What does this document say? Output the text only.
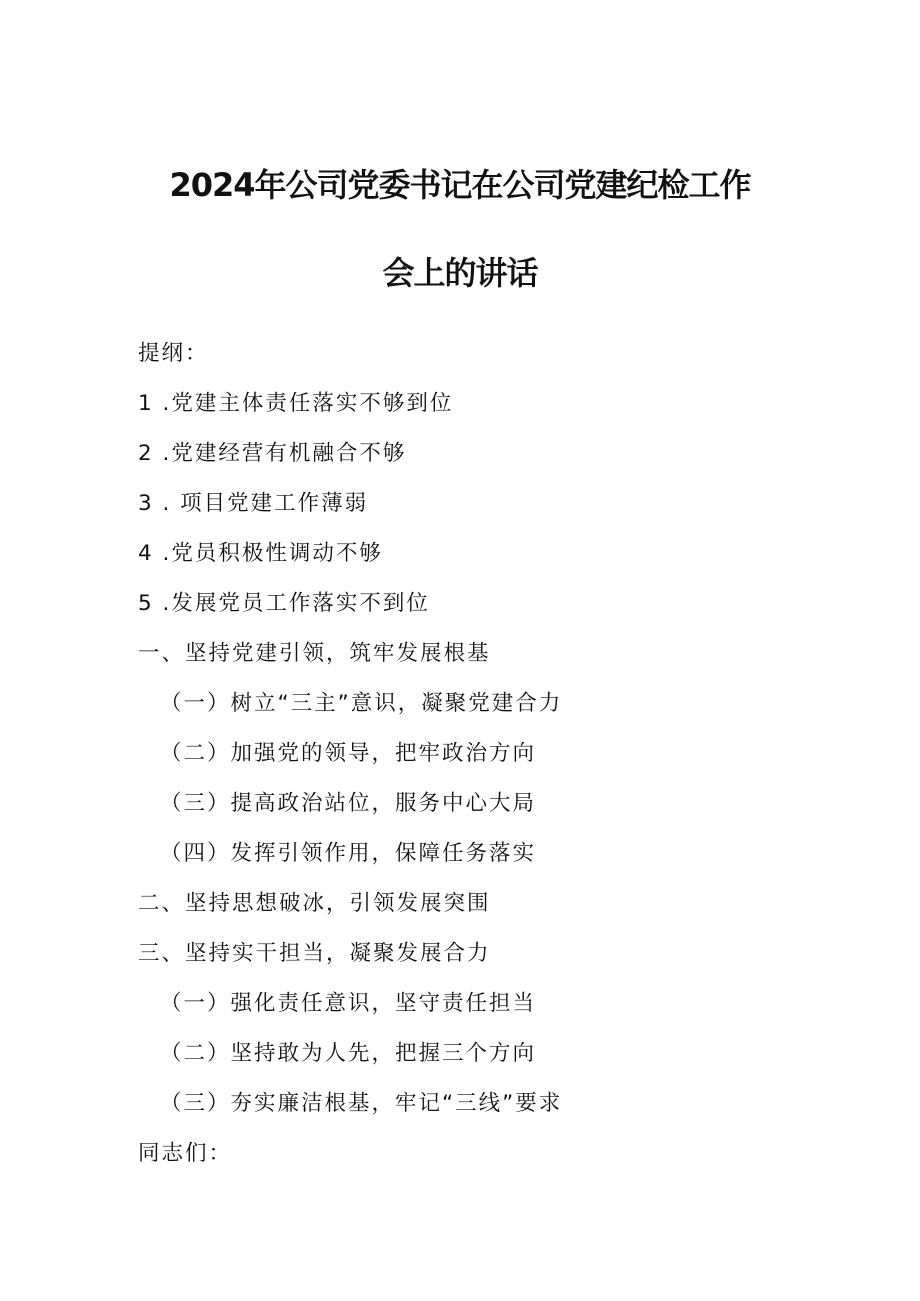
2024年公司党委书记在公司党建纪检工作
会上的讲话
提纲：
1 .党建主体责任落实不够到位
2 .党建经营有机融合不够
3 . 项目党建工作薄弱
4 .党员积极性调动不够
5 .发展党员工作落实不到位
一、坚持党建引领，筑牢发展根基
（一）树立“三主”意识，凝聚党建合力
（二）加强党的领导，把牢政治方向
（三）提高政治站位，服务中心大局
（四）发挥引领作用，保障任务落实
二、坚持思想破冰，引领发展突围
三、坚持实干担当，凝聚发展合力
（一）强化责任意识，坚守责任担当
（二）坚持敢为人先，把握三个方向
（三）夯实廉洁根基，牢记“三线”要求
同志们：
